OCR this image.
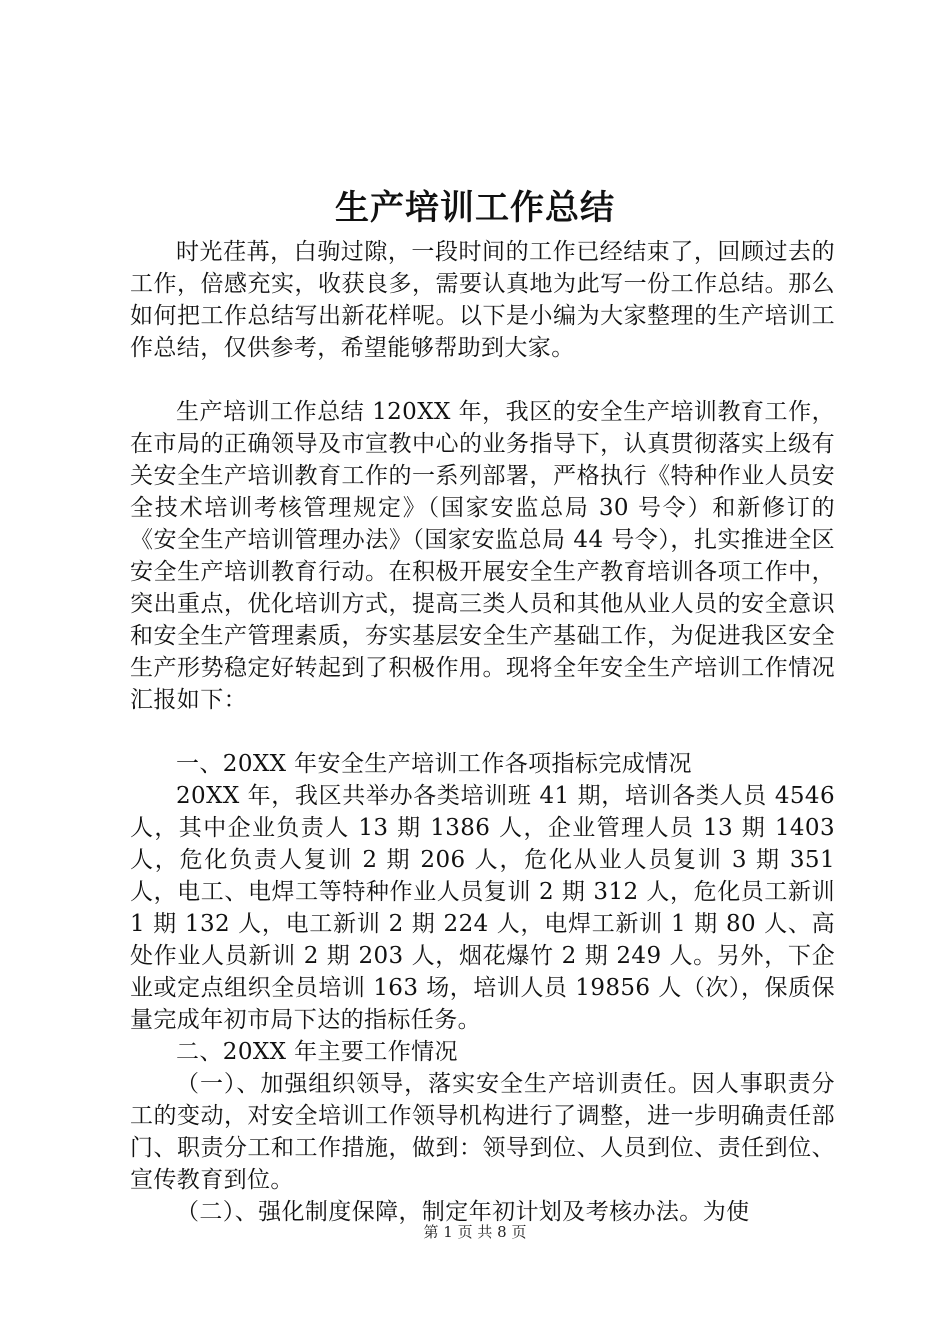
生产培训工作总结

时光荏苒，白驹过隙，一段时间的工作已经结束了，回顾过去的工作，倍感充实，收获良多，需要认真地为此写一份工作总结。那么如何把工作总结写出新花样呢。以下是小编为大家整理的生产培训工作总结，仅供参考，希望能够帮助到大家。

生产培训工作总结 120XX 年，我区的安全生产培训教育工作，在市局的正确领导及市宣教中心的业务指导下，认真贯彻落实上级有关安全生产培训教育工作的一系列部署，严格执行《特种作业人员安全技术培训考核管理规定》（国家安监总局 30 号令）和新修订的《安全生产培训管理办法》（国家安监总局 44 号令），扎实推进全区安全生产培训教育行动。在积极开展安全生产教育培训各项工作中，突出重点，优化培训方式，提高三类人员和其他从业人员的安全意识和安全生产管理素质，夯实基层安全生产基础工作，为促进我区安全生产形势稳定好转起到了积极作用。现将全年安全生产培训工作情况汇报如下：

一、20XX 年安全生产培训工作各项指标完成情况

20XX 年，我区共举办各类培训班 41 期，培训各类人员 4546 人，其中企业负责人 13 期 1386 人，企业管理人员 13 期 1403 人，危化负责人复训 2 期 206 人，危化从业人员复训 3 期 351 人，电工、电焊工等特种作业人员复训 2 期 312 人，危化员工新训 1 期 132 人，电工新训 2 期 224 人，电焊工新训 1 期 80 人、高处作业人员新训 2 期 203 人，烟花爆竹 2 期 249 人。另外，下企业或定点组织全员培训 163 场，培训人员 19856 人（次），保质保量完成年初市局下达的指标任务。

二、20XX 年主要工作情况

（一）、加强组织领导，落实安全生产培训责任。因人事职责分工的变动，对安全培训工作领导机构进行了调整，进一步明确责任部门、职责分工和工作措施，做到：领导到位、人员到位、责任到位、宣传教育到位。

（二）、强化制度保障，制定年初计划及考核办法。为使

第 1 页 共 8 页
